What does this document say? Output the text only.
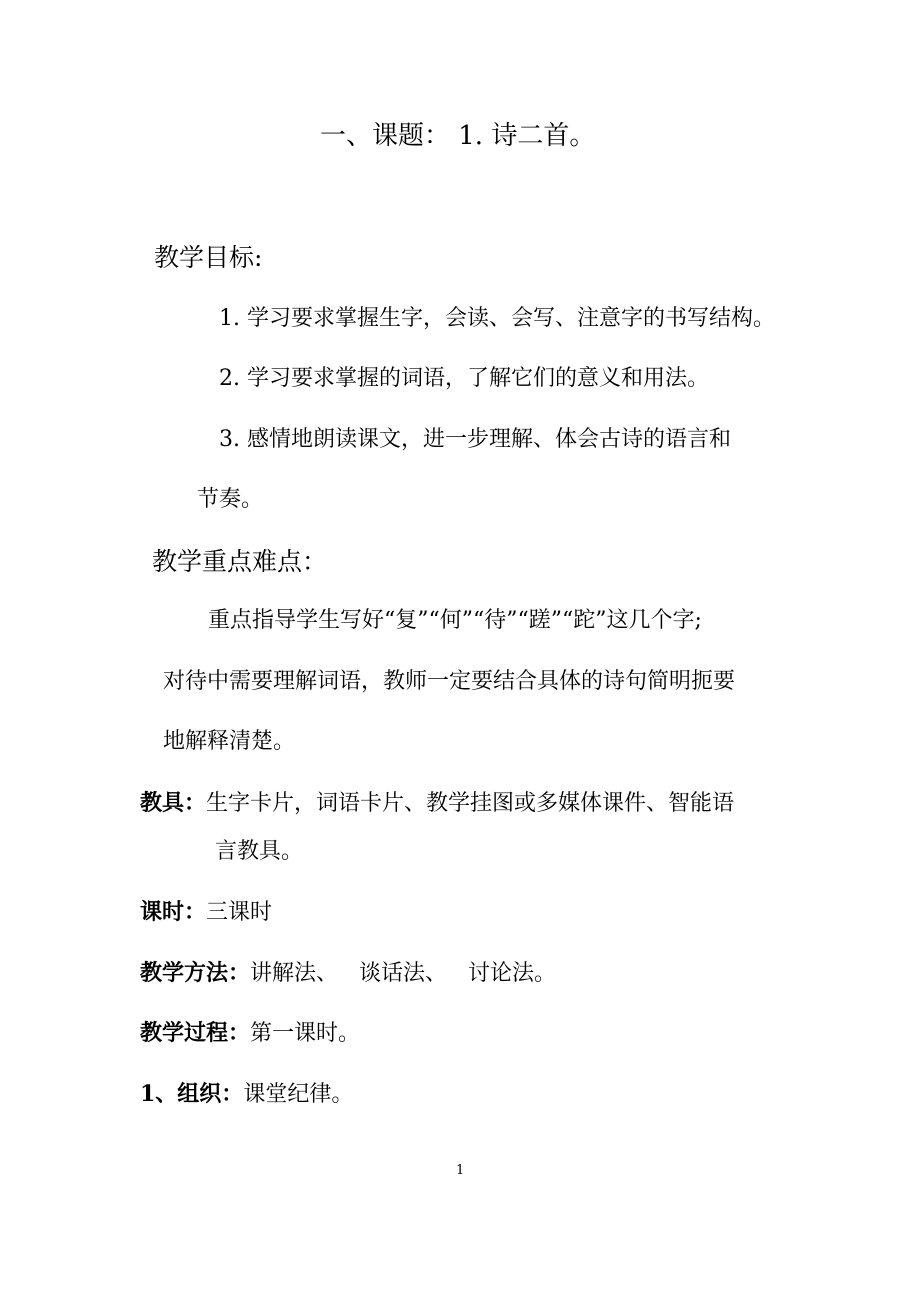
一、课题： 1. 诗二首。
教学目标:
1. 学习要求掌握生字，会读、会写、注意字的书写结构。
2. 学习要求掌握的词语，了解它们的意义和用法。
3. 感情地朗读课文，进一步理解、体会古诗的语言和
节奏。
教学重点难点：
重点指导学生写好“复”“何”“待”“蹉”“跎”这几个字;
对待中需要理解词语，教师一定要结合具体的诗句简明扼要
地解释清楚。
教具：生字卡片，词语卡片、教学挂图或多媒体课件、智能语
言教具。
课时：三课时
教学方法：讲解法、   谈话法、   讨论法。
教学过程：第一课时。
1、组织：课堂纪律。
1
